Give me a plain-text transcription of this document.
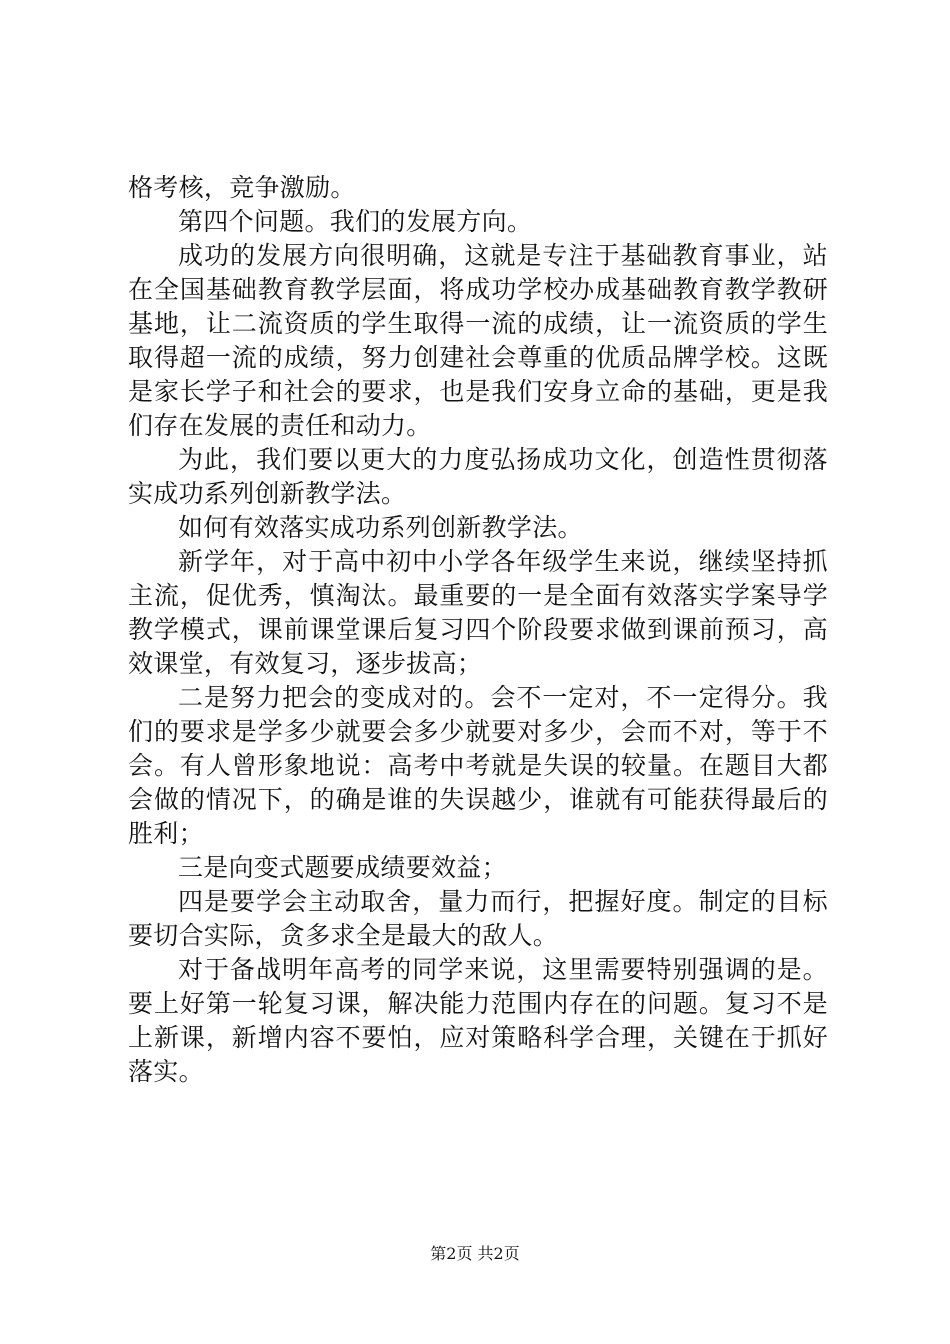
格考核，竞争激励。

第四个问题。我们的发展方向。

成功的发展方向很明确，这就是专注于基础教育事业，站在全国基础教育教学层面，将成功学校办成基础教育教学教研基地，让二流资质的学生取得一流的成绩，让一流资质的学生取得超一流的成绩，努力创建社会尊重的优质品牌学校。这既是家长学子和社会的要求，也是我们安身立命的基础，更是我们存在发展的责任和动力。

为此，我们要以更大的力度弘扬成功文化，创造性贯彻落实成功系列创新教学法。

如何有效落实成功系列创新教学法。

新学年，对于高中初中小学各年级学生来说，继续坚持抓主流，促优秀，慎淘汰。最重要的一是全面有效落实学案导学教学模式，课前课堂课后复习四个阶段要求做到课前预习，高效课堂，有效复习，逐步拔高；

二是努力把会的变成对的。会不一定对，不一定得分。我们的要求是学多少就要会多少就要对多少，会而不对，等于不会。有人曾形象地说：高考中考就是失误的较量。在题目大都会做的情况下，的确是谁的失误越少，谁就有可能获得最后的胜利；

三是向变式题要成绩要效益；

四是要学会主动取舍，量力而行，把握好度。制定的目标要切合实际，贪多求全是最大的敌人。

对于备战明年高考的同学来说，这里需要特别强调的是。要上好第一轮复习课，解决能力范围内存在的问题。复习不是上新课，新增内容不要怕，应对策略科学合理，关键在于抓好落实。

第2页 共2页
